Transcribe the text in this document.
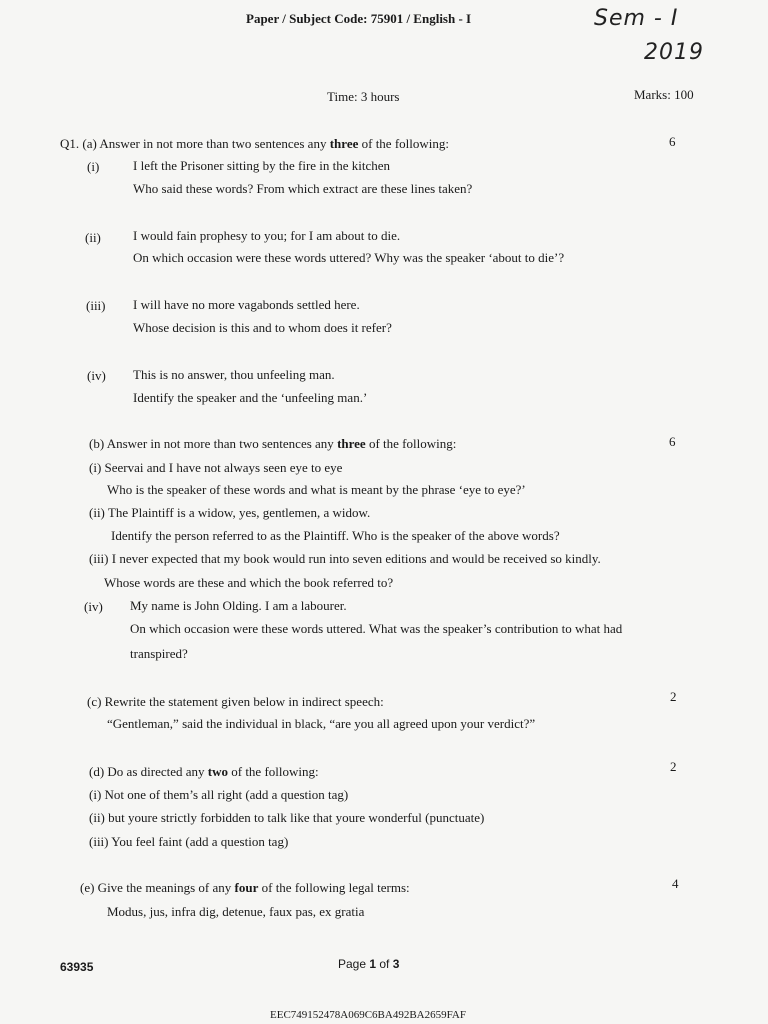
Paper / Subject Code: 75901 / English - I	Sem - I
2019
Time: 3 hours	Marks: 100
Q1. (a) Answer in not more than two sentences any three of the following:	6
(i)	I left the Prisoner sitting by the fire in the kitchen
Who said these words? From which extract are these lines taken?
(ii) I would fain prophesy to you; for I am about to die.
On which occasion were these words uttered? Why was the speaker ‘about to die’?
(iii) I will have no more vagabonds settled here.
Whose decision is this and to whom does it refer?
(iv) This is no answer, thou unfeeling man.
Identify the speaker and the ‘unfeeling man.’
(b) Answer in not more than two sentences any three of the following:	6
(i) Seervai and I have not always seen eye to eye
Who is the speaker of these words and what is meant by the phrase ‘eye to eye?’
(ii) The Plaintiff is a widow, yes, gentlemen, a widow.
Identify the person referred to as the Plaintiff. Who is the speaker of the above words?
(iii) I never expected that my book would run into seven editions and would be received so kindly.
Whose words are these and which the book referred to?
(iv) My name is John Olding. I am a labourer.
On which occasion were these words uttered. What was the speaker’s contribution to what had
transpired?
(c) Rewrite the statement given below in indirect speech:	2
“Gentleman,” said the individual in black, “are you all agreed upon your verdict?”
(d) Do as directed any two of the following:	2
(i) Not one of them’s all right (add a question tag)
(ii) but youre strictly forbidden to talk like that youre wonderful (punctuate)
(iii) You feel faint (add a question tag)
(e) Give the meanings of any four of the following legal terms:	4
Modus, jus, infra dig, detenue, faux pas, ex gratia
63935	Page 1 of 3
EEC749152478A069C6BA492BA2659FAF
